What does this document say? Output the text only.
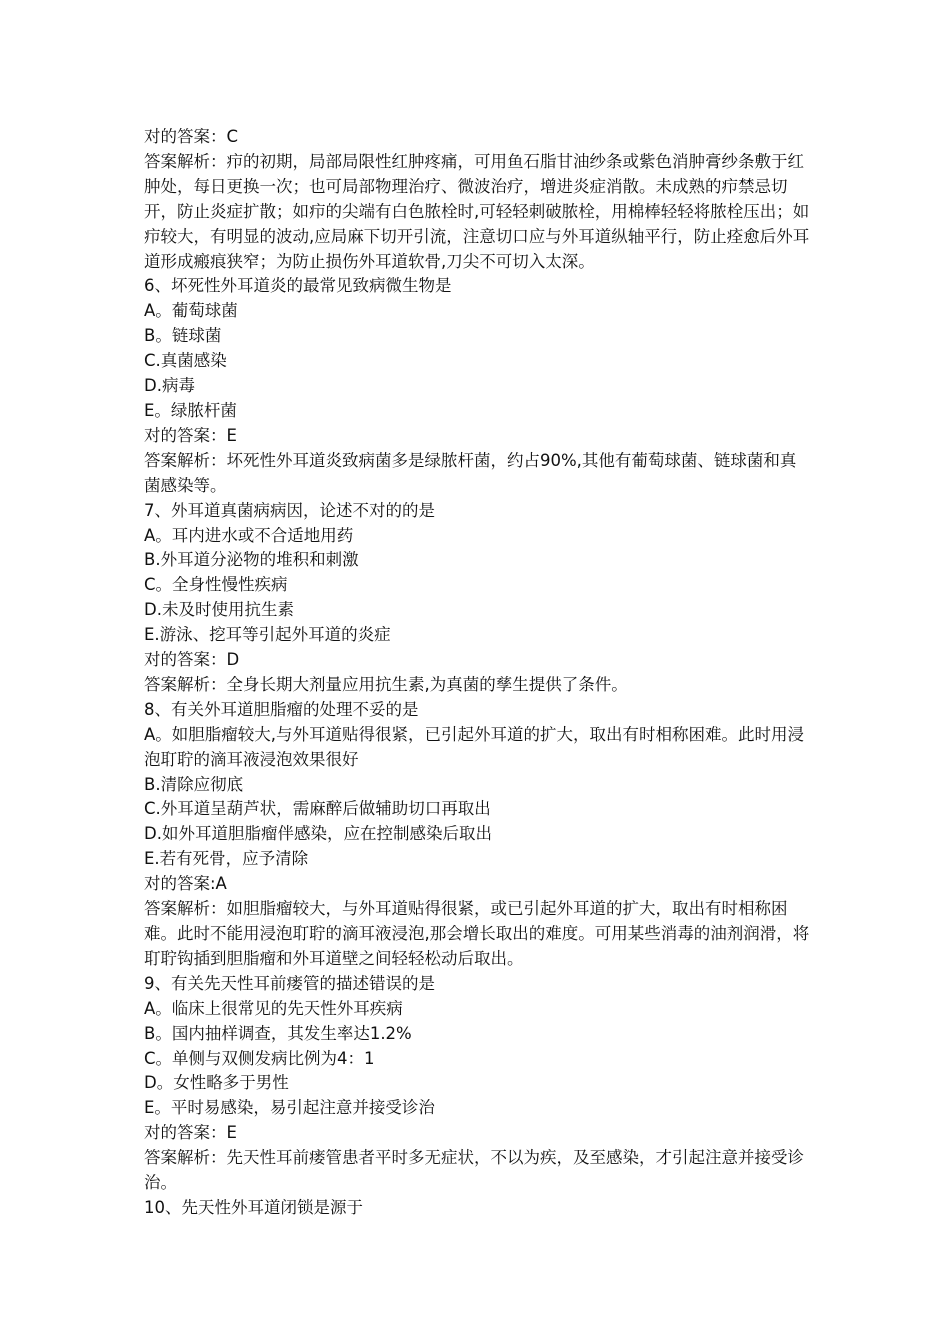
对的答案：C

答案解析：疖的初期，局部局限性红肿疼痛，可用鱼石脂甘油纱条或紫色消肿膏纱条敷于红肿处，每日更换一次；也可局部物理治疗、微波治疗，增进炎症消散。未成熟的疖禁忌切开，防止炎症扩散；如疖的尖端有白色脓栓时,可轻轻刺破脓栓，用棉棒轻轻将脓栓压出；如疖较大，有明显的波动,应局麻下切开引流，注意切口应与外耳道纵轴平行，防止痊愈后外耳道形成瘢痕狭窄；为防止损伤外耳道软骨,刀尖不可切入太深。

6、坏死性外耳道炎的最常见致病微生物是

A。葡萄球菌

B。链球菌

C.真菌感染

D.病毒

E。绿脓杆菌

对的答案：E

答案解析：坏死性外耳道炎致病菌多是绿脓杆菌，约占90%,其他有葡萄球菌、链球菌和真菌感染等。

7、外耳道真菌病病因，论述不对的的是

A。耳内进水或不合适地用药

B.外耳道分泌物的堆积和刺激

C。全身性慢性疾病

D.未及时使用抗生素

E.游泳、挖耳等引起外耳道的炎症

对的答案：D

答案解析：全身长期大剂量应用抗生素,为真菌的孳生提供了条件。

8、有关外耳道胆脂瘤的处理不妥的是

A。如胆脂瘤较大,与外耳道贴得很紧，已引起外耳道的扩大，取出有时相称困难。此时用浸泡耵聍的滴耳液浸泡效果很好

B.清除应彻底

C.外耳道呈葫芦状，需麻醉后做辅助切口再取出

D.如外耳道胆脂瘤伴感染，应在控制感染后取出

E.若有死骨，应予清除

对的答案:A

答案解析：如胆脂瘤较大，与外耳道贴得很紧，或已引起外耳道的扩大，取出有时相称困难。此时不能用浸泡耵聍的滴耳液浸泡,那会增长取出的难度。可用某些消毒的油剂润滑，将耵聍钩插到胆脂瘤和外耳道壁之间轻轻松动后取出。

9、有关先天性耳前瘘管的描述错误的是

A。临床上很常见的先天性外耳疾病

B。国内抽样调查，其发生率达1.2%

C。单侧与双侧发病比例为4：1

D。女性略多于男性

E。平时易感染，易引起注意并接受诊治

对的答案：E

答案解析：先天性耳前瘘管患者平时多无症状，不以为疾，及至感染，才引起注意并接受诊治。

10、先天性外耳道闭锁是源于
